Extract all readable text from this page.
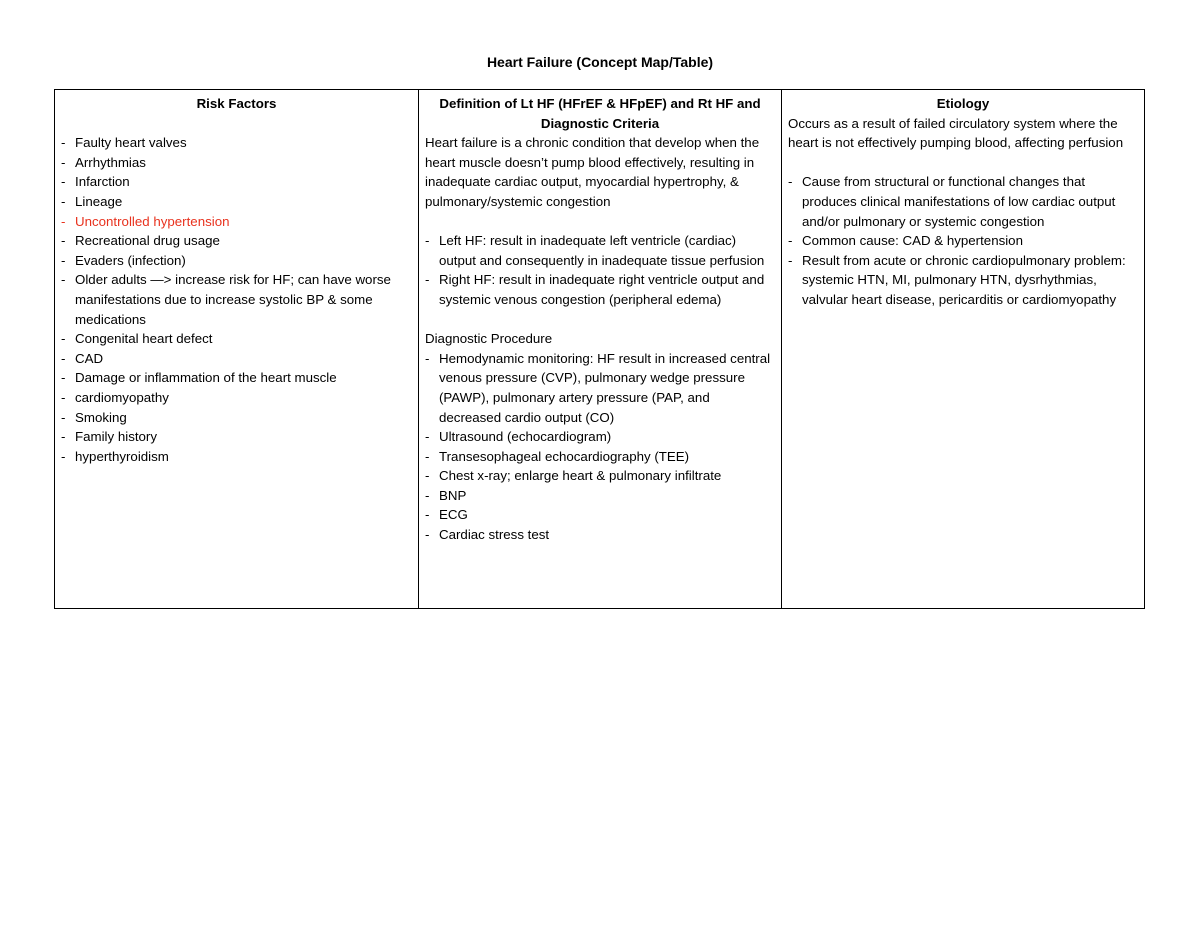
Heart Failure (Concept Map/Table)
Risk Factors
- Faulty heart valves
- Arrhythmias
- Infarction
- Lineage
- Uncontrolled hypertension
- Recreational drug usage
- Evaders (infection)
- Older adults —> increase risk for HF; can have worse manifestations due to increase systolic BP & some medications
- Congenital heart defect
- CAD
- Damage or inflammation of the heart muscle
- cardiomyopathy
- Smoking
- Family history
- hyperthyroidism
Definition of Lt HF (HFrEF & HFpEF) and Rt HF and Diagnostic Criteria

Heart failure is a chronic condition that develop when the heart muscle doesn’t pump blood effectively, resulting in inadequate cardiac output, myocardial hypertrophy, & pulmonary/systemic congestion

- Left HF: result in inadequate left ventricle (cardiac) output and consequently in inadequate tissue perfusion
- Right HF: result in inadequate right ventricle output and systemic venous congestion (peripheral edema)

Diagnostic Procedure

- Hemodynamic monitoring: HF result in increased central venous pressure (CVP), pulmonary wedge pressure (PAWP), pulmonary artery pressure (PAP, and decreased cardio output (CO)
- Ultrasound (echocardiogram)
- Transesophageal echocardiography (TEE)
- Chest x-ray; enlarge heart & pulmonary infiltrate
- BNP
- ECG
- Cardiac stress test
Etiology

Occurs as a result of failed circulatory system where the heart is not effectively pumping blood, affecting perfusion

- Cause from structural or functional changes that produces clinical manifestations of low cardiac output and/or pulmonary or systemic congestion
- Common cause: CAD & hypertension
- Result from acute or chronic cardiopulmonary problem: systemic HTN, MI, pulmonary HTN, dysrhythmias, valvular heart disease, pericarditis or cardiomyopathy
